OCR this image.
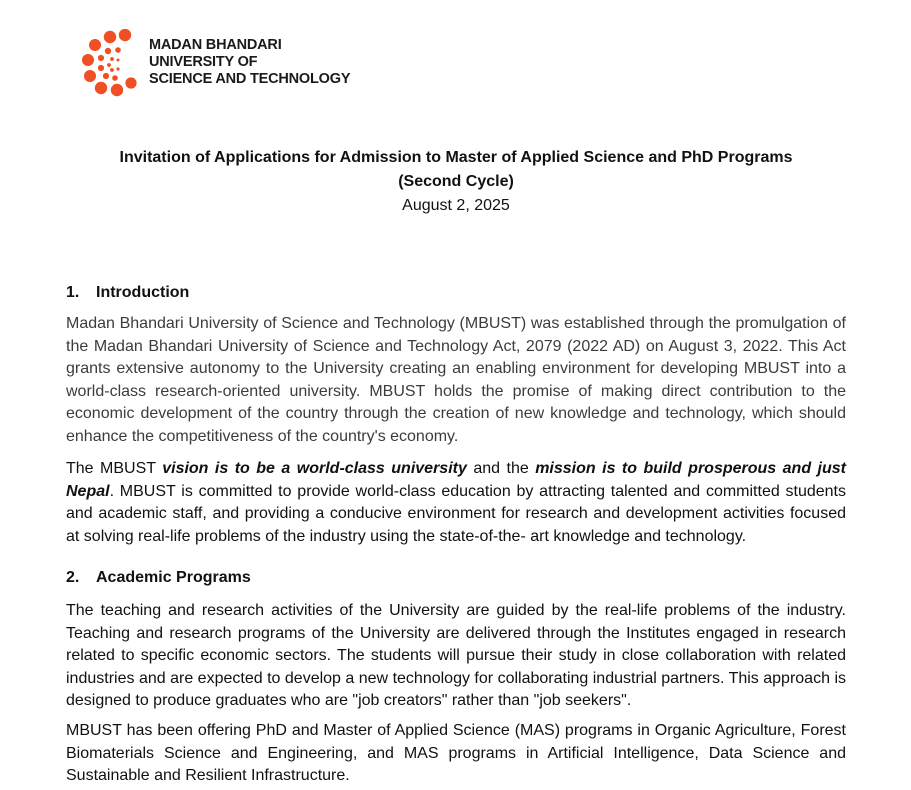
MADAN BHANDARI
UNIVERSITY OF
SCIENCE AND TECHNOLOGY
Invitation of Applications for Admission to Master of Applied Science and PhD Programs
(Second Cycle)
August 2, 2025
1.	Introduction
Madan Bhandari University of Science and Technology (MBUST) was established through the promulgation of the Madan Bhandari University of Science and Technology Act, 2079 (2022 AD) on August 3, 2022. This Act grants extensive autonomy to the University creating an enabling environment for developing MBUST into a world-class research-oriented university. MBUST holds the promise of making direct contribution to the economic development of the country through the creation of new knowledge and technology, which should enhance the competitiveness of the country's economy.
The MBUST vision is to be a world-class university and the mission is to build prosperous and just Nepal. MBUST is committed to provide world-class education by attracting talented and committed students and academic staff, and providing a conducive environment for research and development activities focused at solving real-life problems of the industry using the state-of-the- art knowledge and technology.
2.	Academic Programs
The teaching and research activities of the University are guided by the real-life problems of the industry. Teaching and research programs of the University are delivered through the Institutes engaged in research related to specific economic sectors. The students will pursue their study in close collaboration with related industries and are expected to develop a new technology for collaborating industrial partners. This approach is designed to produce graduates who are "job creators" rather than "job seekers".
MBUST has been offering PhD and Master of Applied Science (MAS) programs in Organic Agriculture, Forest Biomaterials Science and Engineering, and MAS programs in Artificial Intelligence, Data Science and Sustainable and Resilient Infrastructure.
